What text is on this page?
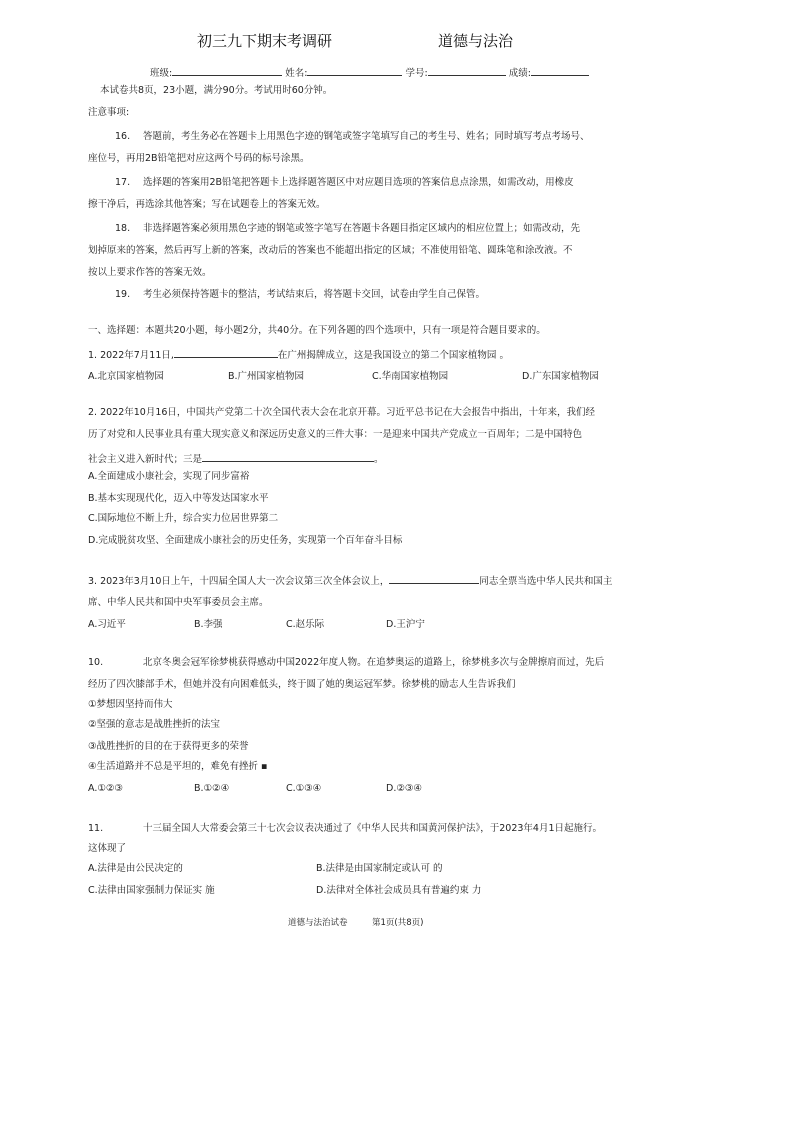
初三九下期末考调研	道德与法治
班级:	姓名:	学号:	成绩:
本试卷共8页，23小题，满分90分。考试用时60分钟。
注意事项:
16. 答题前，考生务必在答题卡上用黑色字迹的钢笔或签字笔填写自己的考生号、姓名；同时填写考点考场号、
座位号，再用2B铅笔把对应这两个号码的标号涂黑。
17. 选择题的答案用2B铅笔把答题卡上选择题答题区中对应题目选项的答案信息点涂黑，如需改动，用橡皮
擦干净后，再选涂其他答案；写在试题卷上的答案无效。
18. 非选择题答案必须用黑色字迹的钢笔或签字笔写在答题卡各题目指定区域内的相应位置上；如需改动，先
划掉原来的答案，然后再写上新的答案，改动后的答案也不能超出指定的区域；不准使用铅笔、圆珠笔和涂改液。不
按以上要求作答的答案无效。
19. 考生必须保持答题卡的整洁，考试结束后，将答题卡交回，试卷由学生自己保管。
一、选择题：本题共20小题，每小题2分，共40分。在下列各题的四个选项中，只有一项是符合题目要求的。
1. 2022年7月11日,	在广州揭牌成立，这是我国设立的第二个国家植物园 。
A.北京国家植物园	B.广州国家植物园	C.华南国家植物园	D.广东国家植物园
2. 2022年10月16日，中国共产党第二十次全国代表大会在北京开幕。习近平总书记在大会报告中指出，十年来，我们经
历了对党和人民事业具有重大现实意义和深远历史意义的三件大事：一是迎来中国共产党成立一百周年；二是中国特色
社会主义进入新时代；三是	。
A.全面建成小康社会，实现了同步富裕
B.基本实现现代化，迈入中等发达国家水平
C.国际地位不断上升，综合实力位居世界第二
D.完成脱贫攻坚、全面建成小康社会的历史任务，实现第一个百年奋斗目标
3. 2023年3月10日上午，十四届全国人大一次会议第三次全体会议上，	同志全票当选中华人民共和国主
席、中华人民共和国中央军事委员会主席。
A.习近平	B.李强	C.赵乐际	D.王沪宁
10.	北京冬奥会冠军徐梦桃获得感动中国2022年度人物。在追梦奥运的道路上，徐梦桃多次与金牌擦肩而过，先后
经历了四次膝部手术，但她并没有向困难低头，终于圆了她的奥运冠军梦。徐梦桃的励志人生告诉我们
①梦想因坚持而伟大
②坚强的意志是战胜挫折的法宝
③战胜挫折的目的在于获得更多的荣誉
④生活道路并不总是平坦的，难免有挫折 ▪
A.①②③	B.①②④	C.①③④	D.②③④
11.	十三届全国人大常委会第三十七次会议表决通过了《中华人民共和国黄河保护法》，于2023年4月1日起施行。
这体现了
A.法律是由公民决定的	B.法律是由国家制定或认可 的
C.法律由国家强制力保证实 施	D.法律对全体社会成员具有普遍约束 力
道德与法治试卷	第1页(共8页)
